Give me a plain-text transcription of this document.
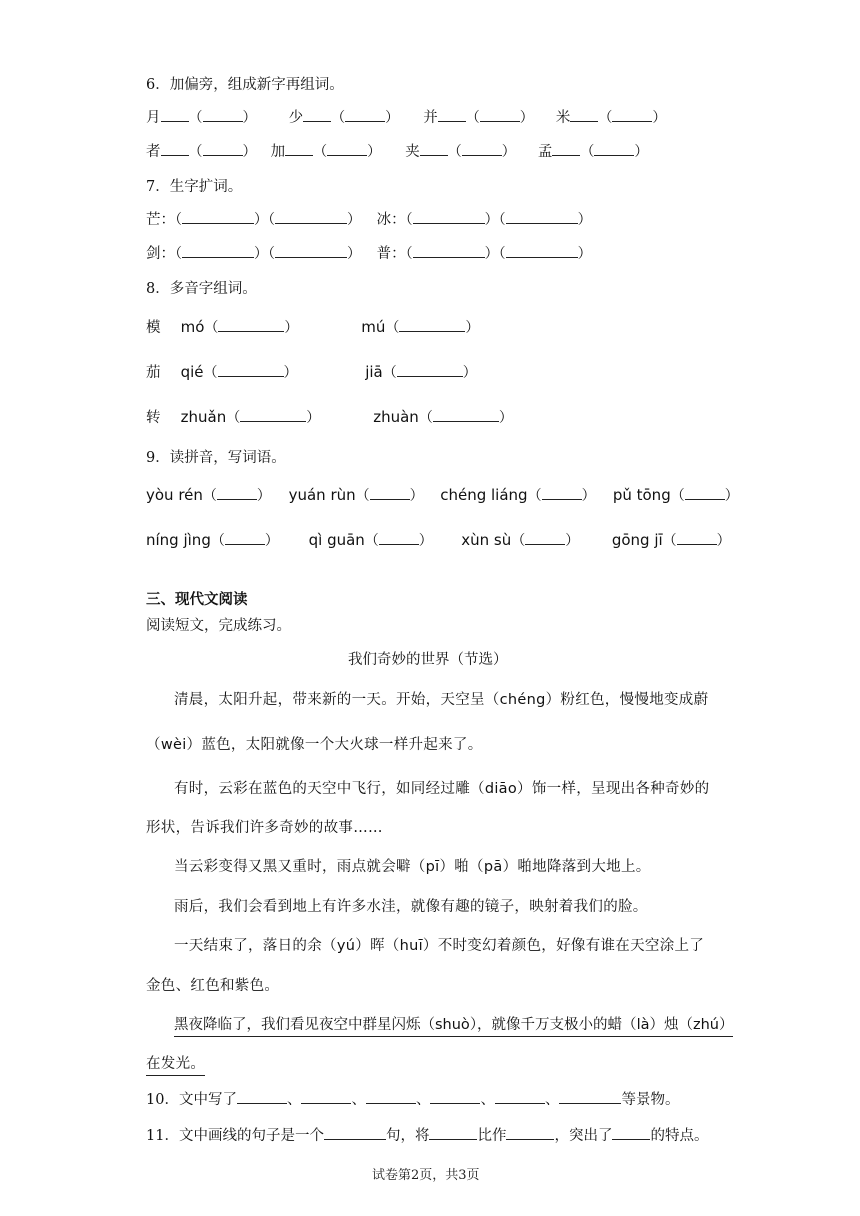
6．加偏旁，组成新字再组词。
月 （	） 少 （	） 并 （	） 米 （	）
者 （	） 加 （	） 夹 （	） 孟 （	）
7．生字扩词。
芒：（	）（	） 冰：（	）（	）
剑：（	）（	） 普：（	）（	）
8．多音字组词。
模 mó（	）	mú（	）
茄 qié（	）	jiā（	）
转 zhuǎn（	）	zhuàn（	）
9．读拼音，写词语。
yòu rén（	） yuán rùn（	） chéng liáng（	） pǔ tōng（	）
níng jìng（	） qì guān（	） xùn sù（	） gōng jī（	）
三、现代文阅读
阅读短文，完成练习。
我们奇妙的世界（节选）
清晨，太阳升起，带来新的一天。开始，天空呈（chéng）粉红色，慢慢地变成蔚
（wèi）蓝色，太阳就像一个大火球一样升起来了。
有时，云彩在蓝色的天空中飞行，如同经过雕（diāo）饰一样，呈现出各种奇妙的
形状，告诉我们许多奇妙的故事……
当云彩变得又黑又重时，雨点就会噼（pī）啪（pā）啪地降落到大地上。
雨后，我们会看到地上有许多水洼，就像有趣的镜子，映射着我们的脸。
一天结束了，落日的余（yú）晖（huī）不时变幻着颜色，好像有谁在天空涂上了
金色、红色和紫色。
黑夜降临了，我们看见夜空中群星闪烁（shuò），就像千万支极小的蜡（là）烛（zhú）
在发光。
10．文中写了	、	、	、	、	、	等景物。
11．文中画线的句子是一个	句，将	比作	，突出了	的特点。
试卷第2页，共3页
